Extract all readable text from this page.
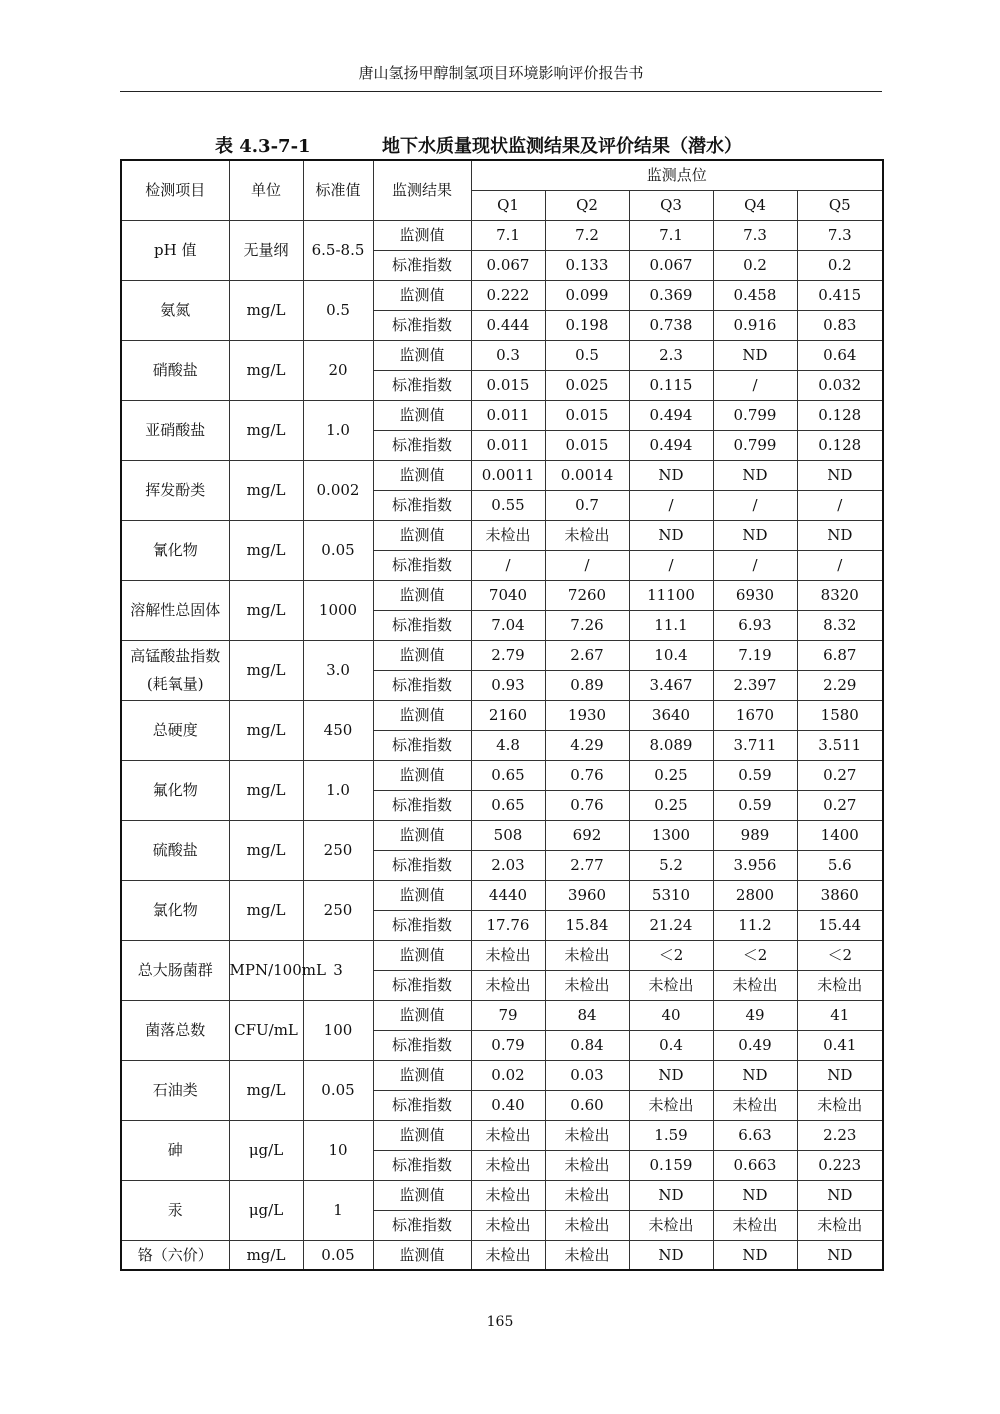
唐山氢扬甲醇制氢项目环境影响评价报告书
表 4.3-7-1	地下水质量现状监测结果及评价结果（潜水）
检测项目	单位	标准值	监测结果	监测点位				
				Q1	Q2	Q3	Q4	Q5
pH 值	无量纲	6.5-8.5	监测值	7.1	7.2	7.1	7.3	7.3
			标准指数	0.067	0.133	0.067	0.2	0.2
氨氮	mg/L	0.5	监测值	0.222	0.099	0.369	0.458	0.415
			标准指数	0.444	0.198	0.738	0.916	0.83
硝酸盐	mg/L	20	监测值	0.3	0.5	2.3	ND	0.64
			标准指数	0.015	0.025	0.115	/	0.032
亚硝酸盐	mg/L	1.0	监测值	0.011	0.015	0.494	0.799	0.128
			标准指数	0.011	0.015	0.494	0.799	0.128
挥发酚类	mg/L	0.002	监测值	0.0011	0.0014	ND	ND	ND
			标准指数	0.55	0.7	/	/	/
氰化物	mg/L	0.05	监测值	未检出	未检出	ND	ND	ND
			标准指数	/	/	/	/	/
溶解性总固体	mg/L	1000	监测值	7040	7260	11100	6930	8320
			标准指数	7.04	7.26	11.1	6.93	8.32
高锰酸盐指数(耗氧量)	mg/L	3.0	监测值	2.79	2.67	10.4	7.19	6.87
			标准指数	0.93	0.89	3.467	2.397	2.29
总硬度	mg/L	450	监测值	2160	1930	3640	1670	1580
			标准指数	4.8	4.29	8.089	3.711	3.511
氟化物	mg/L	1.0	监测值	0.65	0.76	0.25	0.59	0.27
			标准指数	0.65	0.76	0.25	0.59	0.27
硫酸盐	mg/L	250	监测值	508	692	1300	989	1400
			标准指数	2.03	2.77	5.2	3.956	5.6
氯化物	mg/L	250	监测值	4440	3960	5310	2800	3860
			标准指数	17.76	15.84	21.24	11.2	15.44
总大肠菌群	MPN/100mL	3	监测值	未检出	未检出	＜2	＜2	＜2
			标准指数	未检出	未检出	未检出	未检出	未检出
菌落总数	CFU/mL	100	监测值	79	84	40	49	41
			标准指数	0.79	0.84	0.4	0.49	0.41
石油类	mg/L	0.05	监测值	0.02	0.03	ND	ND	ND
			标准指数	0.40	0.60	未检出	未检出	未检出
砷	μg/L	10	监测值	未检出	未检出	1.59	6.63	2.23
			标准指数	未检出	未检出	0.159	0.663	0.223
汞	μg/L	1	监测值	未检出	未检出	ND	ND	ND
			标准指数	未检出	未检出	未检出	未检出	未检出
铬（六价）	mg/L	0.05	监测值	未检出	未检出	ND	ND	ND
165
